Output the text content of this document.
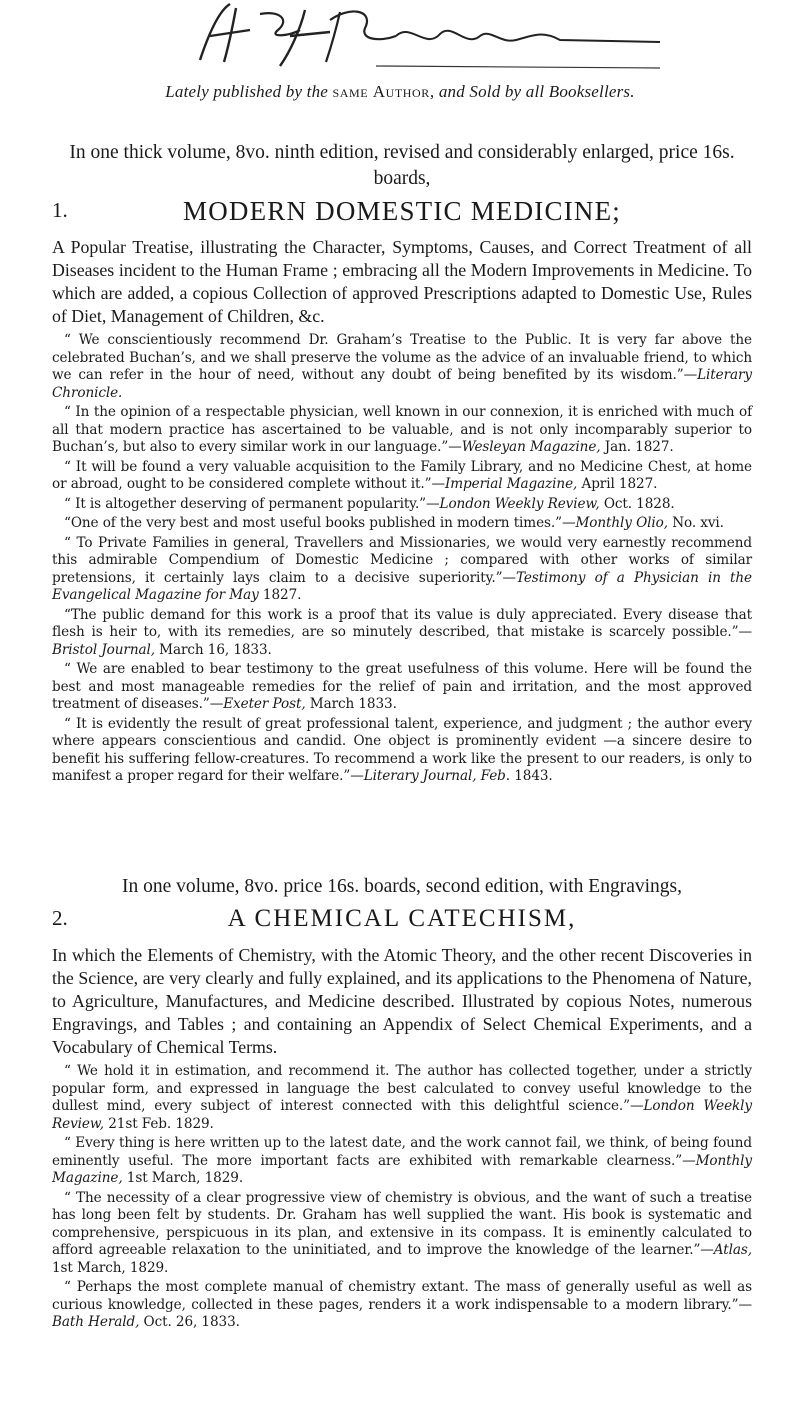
Lately published by the same Author, and Sold by all Booksellers.

In one thick volume, 8vo. ninth edition, revised and considerably enlarged, price 16s. boards,

1.	MODERN DOMESTIC MEDICINE;

A Popular Treatise, illustrating the Character, Symptoms, Causes, and Correct Treatment of all Diseases incident to the Human Frame ; embracing all the Modern Improvements in Medicine. To which are added, a copious Collection of approved Prescriptions adapted to Domestic Use, Rules of Diet, Management of Children, &c.

“ We conscientiously recommend Dr. Graham’s Treatise to the Public. It is very far above the celebrated Buchan’s, and we shall preserve the volume as the advice of an invaluable friend, to which we can refer in the hour of need, without any doubt of being benefited by its wisdom.”—Literary Chronicle.

“ In the opinion of a respectable physician, well known in our connexion, it is enriched with much of all that modern practice has ascertained to be valuable, and is not only incomparably superior to Buchan’s, but also to every similar work in our language.”—Wesleyan Magazine, Jan. 1827.

“ It will be found a very valuable acquisition to the Family Library, and no Medicine Chest, at home or abroad, ought to be considered complete without it.”—Imperial Magazine, April 1827.

“ It is altogether deserving of permanent popularity.”—London Weekly Review, Oct. 1828.

“One of the very best and most useful books published in modern times.”—Monthly Olio, No. xvi.

“ To Private Families in general, Travellers and Missionaries, we would very earnestly recommend this admirable Compendium of Domestic Medicine ; compared with other works of similar pretensions, it certainly lays claim to a decisive superiority.”—Testimony of a Physician in the Evangelical Magazine for May 1827.

“The public demand for this work is a proof that its value is duly appreciated. Every disease that flesh is heir to, with its remedies, are so minutely described, that mistake is scarcely possible.”—Bristol Journal, March 16, 1833.

“ We are enabled to bear testimony to the great usefulness of this volume. Here will be found the best and most manageable remedies for the relief of pain and irritation, and the most approved treatment of diseases.”—Exeter Post, March 1833.

“ It is evidently the result of great professional talent, experience, and judgment ; the author every where appears conscientious and candid. One object is prominently evident —a sincere desire to benefit his suffering fellow-creatures. To recommend a work like the present to our readers, is only to manifest a proper regard for their welfare.”—Literary Journal, Feb. 1843.

In one volume, 8vo. price 16s. boards, second edition, with Engravings,

2.	A CHEMICAL CATECHISM,

In which the Elements of Chemistry, with the Atomic Theory, and the other recent Discoveries in the Science, are very clearly and fully explained, and its applications to the Phenomena of Nature, to Agriculture, Manufactures, and Medicine described. Illustrated by copious Notes, numerous Engravings, and Tables ; and containing an Appendix of Select Chemical Experiments, and a Vocabulary of Chemical Terms.

“ We hold it in estimation, and recommend it. The author has collected together, under a strictly popular form, and expressed in language the best calculated to convey useful knowledge to the dullest mind, every subject of interest connected with this delightful science.”—London Weekly Review, 21st Feb. 1829.

“ Every thing is here written up to the latest date, and the work cannot fail, we think, of being found eminently useful. The more important facts are exhibited with remarkable clearness.”—Monthly Magazine, 1st March, 1829.

“ The necessity of a clear progressive view of chemistry is obvious, and the want of such a treatise has long been felt by students. Dr. Graham has well supplied the want. His book is systematic and comprehensive, perspicuous in its plan, and extensive in its compass. It is eminently calculated to afford agreeable relaxation to the uninitiated, and to improve the knowledge of the learner.”—Atlas, 1st March, 1829.

“ Perhaps the most complete manual of chemistry extant. The mass of generally useful as well as curious knowledge, collected in these pages, renders it a work indispensable to a modern library.”—Bath Herald, Oct. 26, 1833.
